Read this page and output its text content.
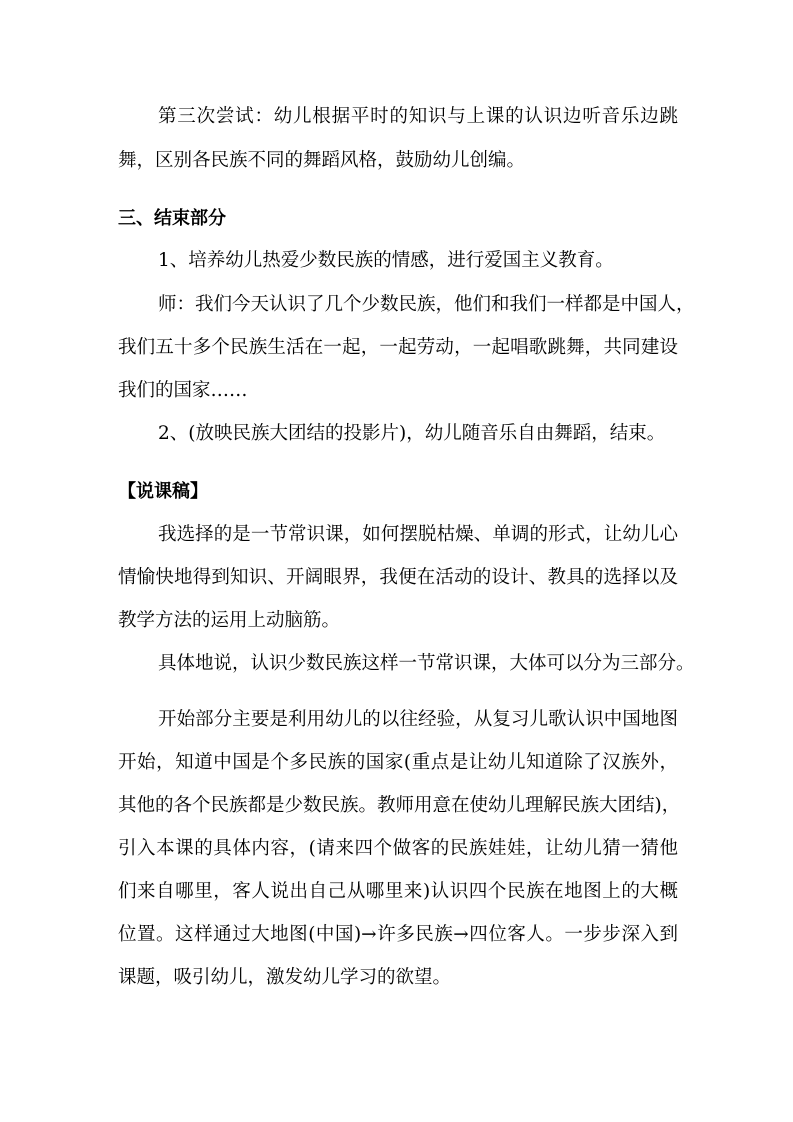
第三次尝试：幼儿根据平时的知识与上课的认识边听音乐边跳
舞，区别各民族不同的舞蹈风格，鼓励幼儿创编。
三、结束部分
1、培养幼儿热爱少数民族的情感，进行爱国主义教育。
师：我们今天认识了几个少数民族，他们和我们一样都是中国人，
我们五十多个民族生活在一起，一起劳动，一起唱歌跳舞，共同建设
我们的国家……
2、(放映民族大团结的投影片)，幼儿随音乐自由舞蹈，结束。
【说课稿】
我选择的是一节常识课，如何摆脱枯燥、单调的形式，让幼儿心
情愉快地得到知识、开阔眼界，我便在活动的设计、教具的选择以及
教学方法的运用上动脑筋。
具体地说，认识少数民族这样一节常识课，大体可以分为三部分。
开始部分主要是利用幼儿的以往经验，从复习儿歌认识中国地图
开始，知道中国是个多民族的国家(重点是让幼儿知道除了汉族外，
其他的各个民族都是少数民族。教师用意在使幼儿理解民族大团结)，
引入本课的具体内容，(请来四个做客的民族娃娃，让幼儿猜一猜他
们来自哪里，客人说出自己从哪里来)认识四个民族在地图上的大概
位置。这样通过大地图(中国)→许多民族→四位客人。一步步深入到
课题，吸引幼儿，激发幼儿学习的欲望。
